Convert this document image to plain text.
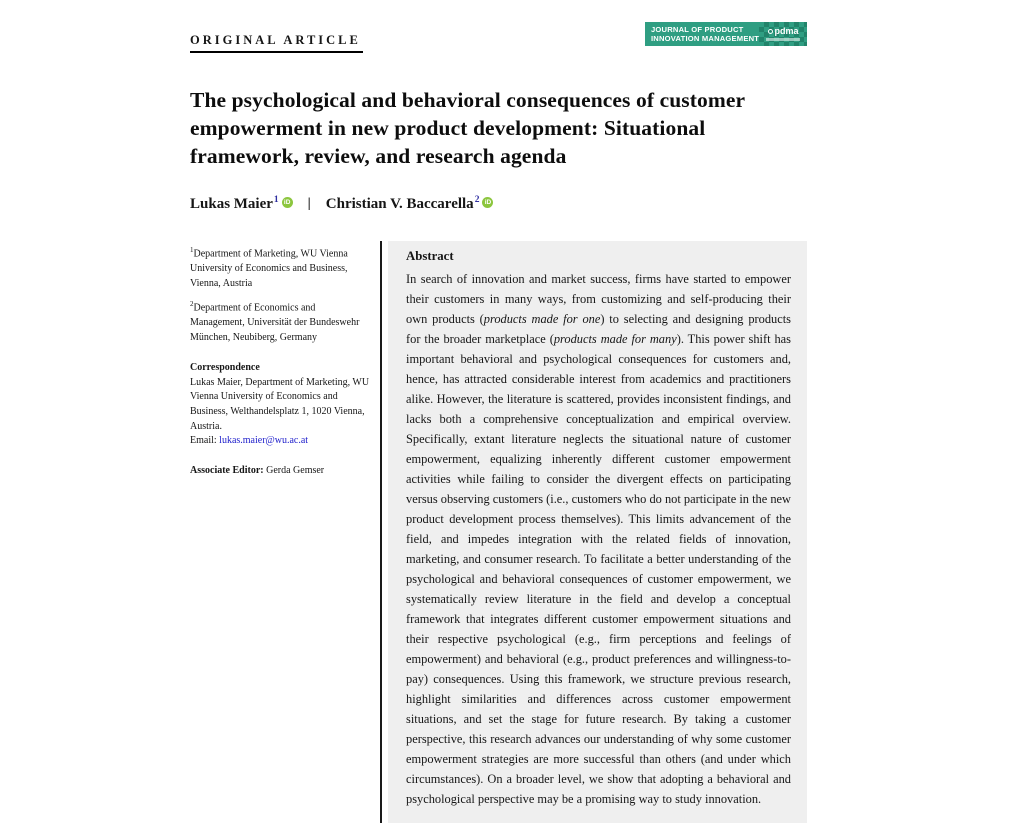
ORIGINAL ARTICLE
JOURNAL OF PRODUCT
INNOVATION MANAGEMENT
pdma
The psychological and behavioral consequences of customer empowerment in new product development: Situational framework, review, and research agenda
Lukas Maier$^1$ iD | Christian V. Baccarella$^2$ iD
$^1$Department of Marketing, WU Vienna University of Economics and Business, Vienna, Austria
$^2$Department of Economics and Management, Universität der Bundeswehr München, Neubiberg, Germany
Correspondence
Lukas Maier, Department of Marketing, WU Vienna University of Economics and Business, Welthandelsplatz 1, 1020 Vienna, Austria.
Email: lukas.maier@wu.ac.at
Associate Editor: Gerda Gemser
Abstract
In search of innovation and market success, firms have started to empower their customers in many ways, from customizing and self-producing their own products (products made for one) to selecting and designing products for the broader marketplace (products made for many). This power shift has important behavioral and psychological consequences for customers and, hence, has attracted considerable interest from academics and practitioners alike. However, the literature is scattered, provides inconsistent findings, and lacks both a comprehensive conceptualization and empirical overview. Specifically, extant literature neglects the situational nature of customer empowerment, equalizing inherently different customer empowerment activities while failing to consider the divergent effects on participating versus observing customers (i.e., customers who do not participate in the new product development process themselves). This limits advancement of the field, and impedes integration with the related fields of innovation, marketing, and consumer research. To facilitate a better understanding of the psychological and behavioral consequences of customer empowerment, we systematically review literature in the field and develop a conceptual framework that integrates different customer empowerment situations and their respective psychological (e.g., firm perceptions and feelings of empowerment) and behavioral (e.g., product preferences and willingness-to-pay) consequences. Using this framework, we structure previous research, highlight similarities and differences across customer empowerment situations, and set the stage for future research. By taking a customer perspective, this research advances our understanding of why some customer empowerment strategies are more successful than others (and under which circumstances). On a broader level, we show that adopting a behavioral and psychological perspective may be a promising way to study innovation.
